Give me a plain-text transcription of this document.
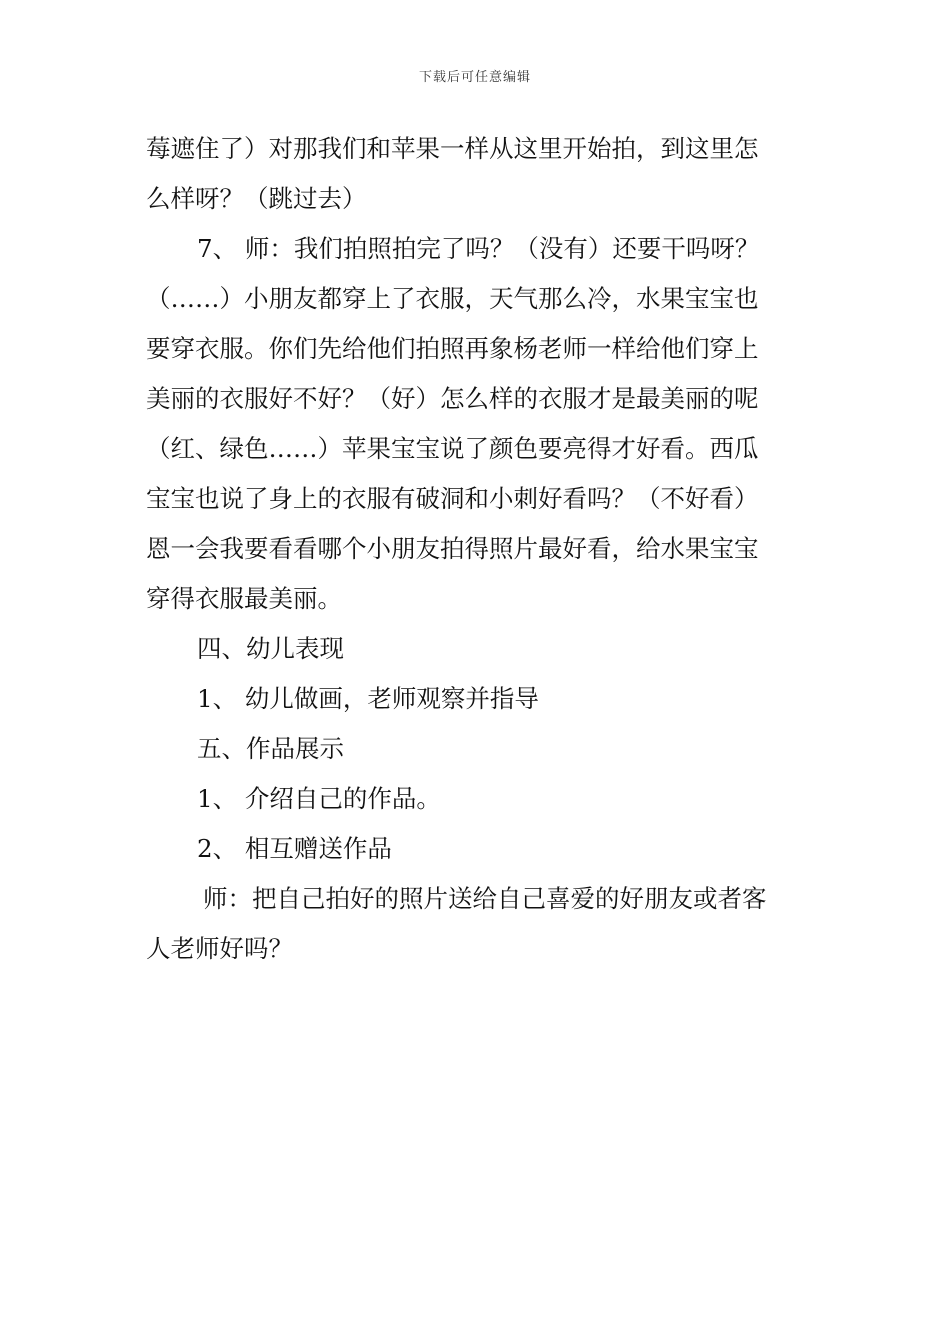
下载后可任意编辑
莓遮住了）对那我们和苹果一样从这里开始拍，到这里怎
么样呀？（跳过去）
7、 师：我们拍照拍完了吗？（没有）还要干吗呀？
（……）小朋友都穿上了衣服，天气那么冷，水果宝宝也
要穿衣服。你们先给他们拍照再象杨老师一样给他们穿上
美丽的衣服好不好？（好）怎么样的衣服才是最美丽的呢
（红、绿色……）苹果宝宝说了颜色要亮得才好看。西瓜
宝宝也说了身上的衣服有破洞和小刺好看吗？（不好看）
恩一会我要看看哪个小朋友拍得照片最好看，给水果宝宝
穿得衣服最美丽。
四、幼儿表现
1、 幼儿做画，老师观察并指导
五、作品展示
1、 介绍自己的作品。
2、 相互赠送作品
师：把自己拍好的照片送给自己喜爱的好朋友或者客
人老师好吗？
